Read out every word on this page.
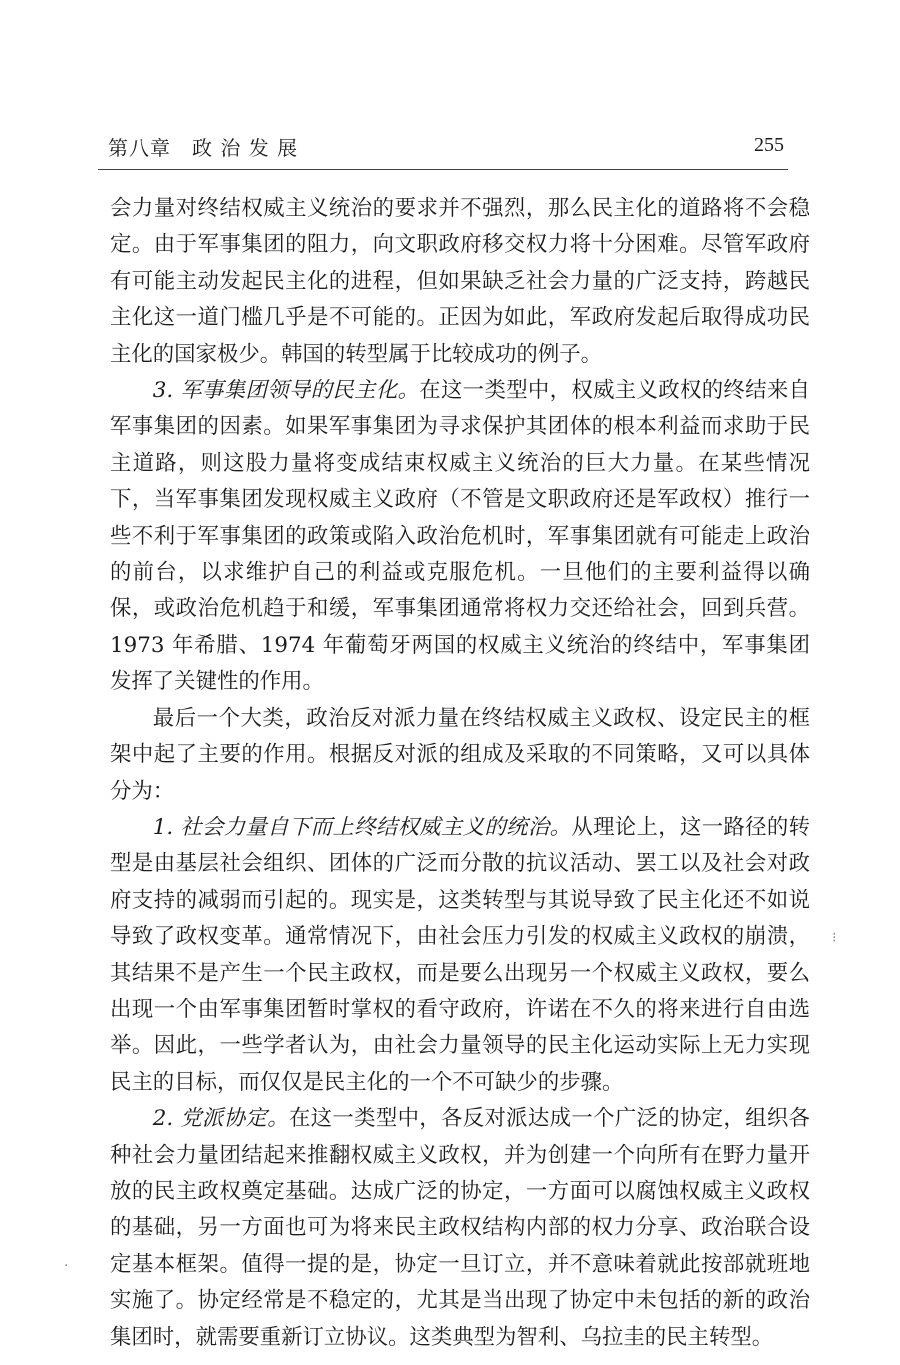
第八章　政 治 发 展	255

会力量对终结权威主义统治的要求并不强烈，那么民主化的道路将不会稳定。由于军事集团的阻力，向文职政府移交权力将十分困难。尽管军政府有可能主动发起民主化的进程，但如果缺乏社会力量的广泛支持，跨越民主化这一道门槛几乎是不可能的。正因为如此，军政府发起后取得成功民主化的国家极少。韩国的转型属于比较成功的例子。

3. 军事集团领导的民主化。在这一类型中，权威主义政权的终结来自军事集团的因素。如果军事集团为寻求保护其团体的根本利益而求助于民主道路，则这股力量将变成结束权威主义统治的巨大力量。在某些情况下，当军事集团发现权威主义政府（不管是文职政府还是军政权）推行一些不利于军事集团的政策或陷入政治危机时，军事集团就有可能走上政治的前台，以求维护自己的利益或克服危机。一旦他们的主要利益得以确保，或政治危机趋于和缓，军事集团通常将权力交还给社会，回到兵营。1973 年希腊、1974 年葡萄牙两国的权威主义统治的终结中，军事集团发挥了关键性的作用。

最后一个大类，政治反对派力量在终结权威主义政权、设定民主的框架中起了主要的作用。根据反对派的组成及采取的不同策略，又可以具体分为：

1. 社会力量自下而上终结权威主义的统治。从理论上，这一路径的转型是由基层社会组织、团体的广泛而分散的抗议活动、罢工以及社会对政府支持的减弱而引起的。现实是，这类转型与其说导致了民主化还不如说导致了政权变革。通常情况下，由社会压力引发的权威主义政权的崩溃，其结果不是产生一个民主政权，而是要么出现另一个权威主义政权，要么出现一个由军事集团暂时掌权的看守政府，许诺在不久的将来进行自由选举。因此，一些学者认为，由社会力量领导的民主化运动实际上无力实现民主的目标，而仅仅是民主化的一个不可缺少的步骤。

2. 党派协定。在这一类型中，各反对派达成一个广泛的协定，组织各种社会力量团结起来推翻权威主义政权，并为创建一个向所有在野力量开放的民主政权奠定基础。达成广泛的协定，一方面可以腐蚀权威主义政权的基础，另一方面也可为将来民主政权结构内部的权力分享、政治联合设定基本框架。值得一提的是，协定一旦订立，并不意味着就此按部就班地实施了。协定经常是不稳定的，尤其是当出现了协定中未包括的新的政治集团时，就需要重新订立协议。这类典型为智利、乌拉圭的民主转型。

⁝
·
